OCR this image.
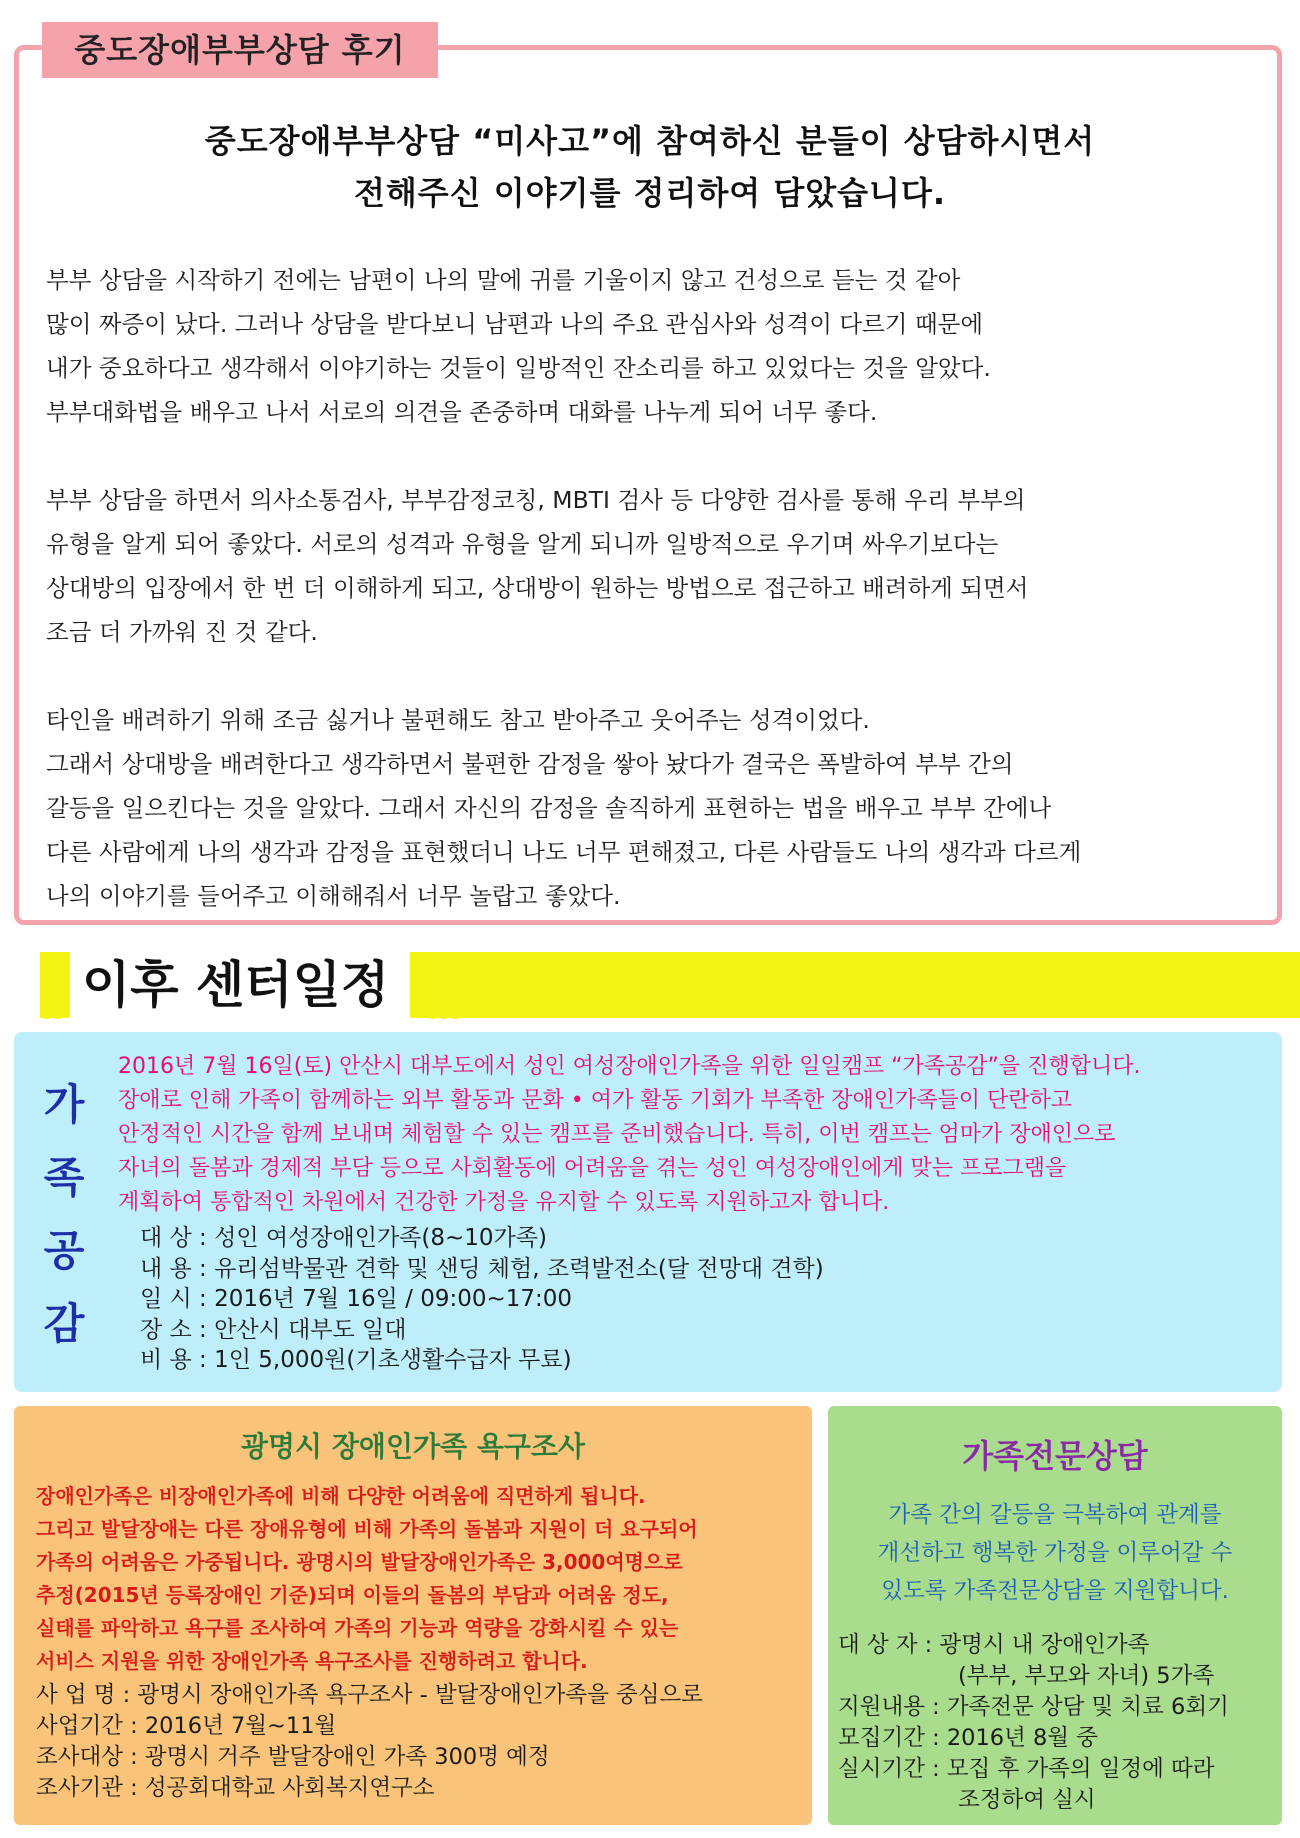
중도장애부부상담 후기
중도장애부부상담 “미사고”에 참여하신 분들이 상담하시면서
전해주신 이야기를 정리하여 담았습니다.

부부 상담을 시작하기 전에는 남편이 나의 말에 귀를 기울이지 않고 건성으로 듣는 것 같아

많이 짜증이 났다. 그러나 상담을 받다보니 남편과 나의 주요 관심사와 성격이 다르기 때문에

내가 중요하다고 생각해서 이야기하는 것들이 일방적인 잔소리를 하고 있었다는 것을 알았다.

부부대화법을 배우고 나서 서로의 의견을 존중하며 대화를 나누게 되어 너무 좋다.

부부 상담을 하면서 의사소통검사, 부부감정코칭, MBTI 검사 등 다양한 검사를 통해 우리 부부의

유형을 알게 되어 좋았다. 서로의 성격과 유형을 알게 되니까 일방적으로 우기며 싸우기보다는

상대방의 입장에서 한 번 더 이해하게 되고, 상대방이 원하는 방법으로 접근하고 배려하게 되면서

조금 더 가까워 진 것 같다.

타인을 배려하기 위해 조금 싫거나 불편해도 참고 받아주고 웃어주는 성격이었다.

그래서 상대방을 배려한다고 생각하면서 불편한 감정을 쌓아 놨다가 결국은 폭발하여 부부 간의

갈등을 일으킨다는 것을 알았다. 그래서 자신의 감정을 솔직하게 표현하는 법을 배우고 부부 간에나

다른 사람에게 나의 생각과 감정을 표현했더니 나도 너무 편해졌고, 다른 사람들도 나의 생각과 다르게

나의 이야기를 들어주고 이해해줘서 너무 놀랍고 좋았다.

이후 센터일정
가
족
공
감

2016년 7월 16일(토) 안산시 대부도에서 성인 여성장애인가족을 위한 일일캠프 “가족공감”을 진행합니다.

장애로 인해 가족이 함께하는 외부 활동과 문화 • 여가 활동 기회가 부족한 장애인가족들이 단란하고

안정적인 시간을 함께 보내며 체험할 수 있는 캠프를 준비했습니다. 특히, 이번 캠프는 엄마가 장애인으로

자녀의 돌봄과 경제적 부담 등으로 사회활동에 어려움을 겪는 성인 여성장애인에게 맞는 프로그램을

계획하여 통합적인 차원에서 건강한 가정을 유지할 수 있도록 지원하고자 합니다.

대 상 : 성인 여성장애인가족(8~10가족)

내 용 : 유리섬박물관 견학 및 샌딩 체험, 조력발전소(달 전망대 견학)

일 시 : 2016년 7월 16일 / 09:00~17:00

장 소 : 안산시 대부도 일대

비 용 : 1인 5,000원(기초생활수급자 무료)

광명시 장애인가족 욕구조사

장애인가족은 비장애인가족에 비해 다양한 어려움에 직면하게 됩니다.

그리고 발달장애는 다른 장애유형에 비해 가족의 돌봄과 지원이 더 요구되어

가족의 어려움은 가중됩니다. 광명시의 발달장애인가족은 3,000여명으로

추정(2015년 등록장애인 기준)되며 이들의 돌봄의 부담과 어려움 정도,

실태를 파악하고 욕구를 조사하여 가족의 기능과 역량을 강화시킬 수 있는

서비스 지원을 위한 장애인가족 욕구조사를 진행하려고 합니다.

사 업 명 : 광명시 장애인가족 욕구조사 - 발달장애인가족을 중심으로

사업기간 : 2016년 7월~11월

조사대상 : 광명시 거주 발달장애인 가족 300명 예정

조사기관 : 성공회대학교 사회복지연구소

가족전문상담

가족 간의 갈등을 극복하여 관계를

개선하고 행복한 가정을 이루어갈 수

있도록 가족전문상담을 지원합니다.

대 상 자 : 광명시 내 장애인가족

(부부, 부모와 자녀) 5가족

지원내용 : 가족전문 상담 및 치료 6회기

모집기간 : 2016년 8월 중

실시기간 : 모집 후 가족의 일정에 따라

조정하여 실시
